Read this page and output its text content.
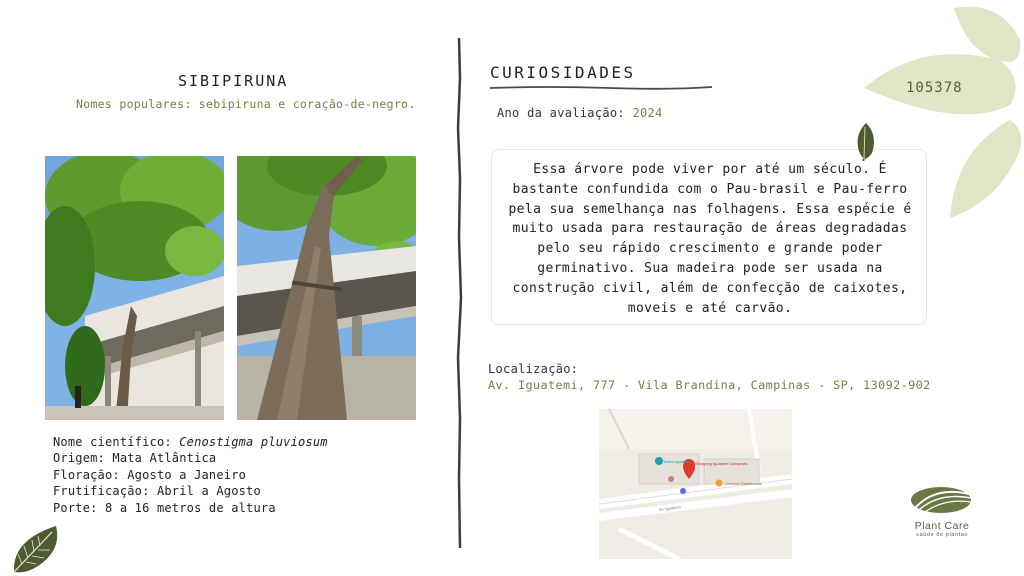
SIBIPIRUNA
Nomes populares: sebipiruna e coração-de-negro.
Nome científico: Cenostigma pluviosum
Origem: Mata Atlântica
Floração: Agosto a Janeiro
Frutificação: Abril a Agosto
Porte: 8 a 16 metros de altura
CURIOSIDADES
Ano da avaliação: 2024
Essa árvore pode viver por até um século. É bastante confundida com o Pau-brasil e Pau-ferro pela sua semelhança nas folhagens. Essa espécie é muito usada para restauração de áreas degradadas pelo seu rápido crescimento e grande poder germinativo. Sua madeira pode ser usada na construção civil, além de confecção de caixotes, moveis e até carvão.
Localização:
Av. Iguatemi, 777 - Vila Brandina, Campinas - SP, 13092-902
Teatro Iguatemi Shopping Iguatemi Campinas
Outback Steakhouse
Av. Iguatemi
105378
Plant Care
saúde de plantas
